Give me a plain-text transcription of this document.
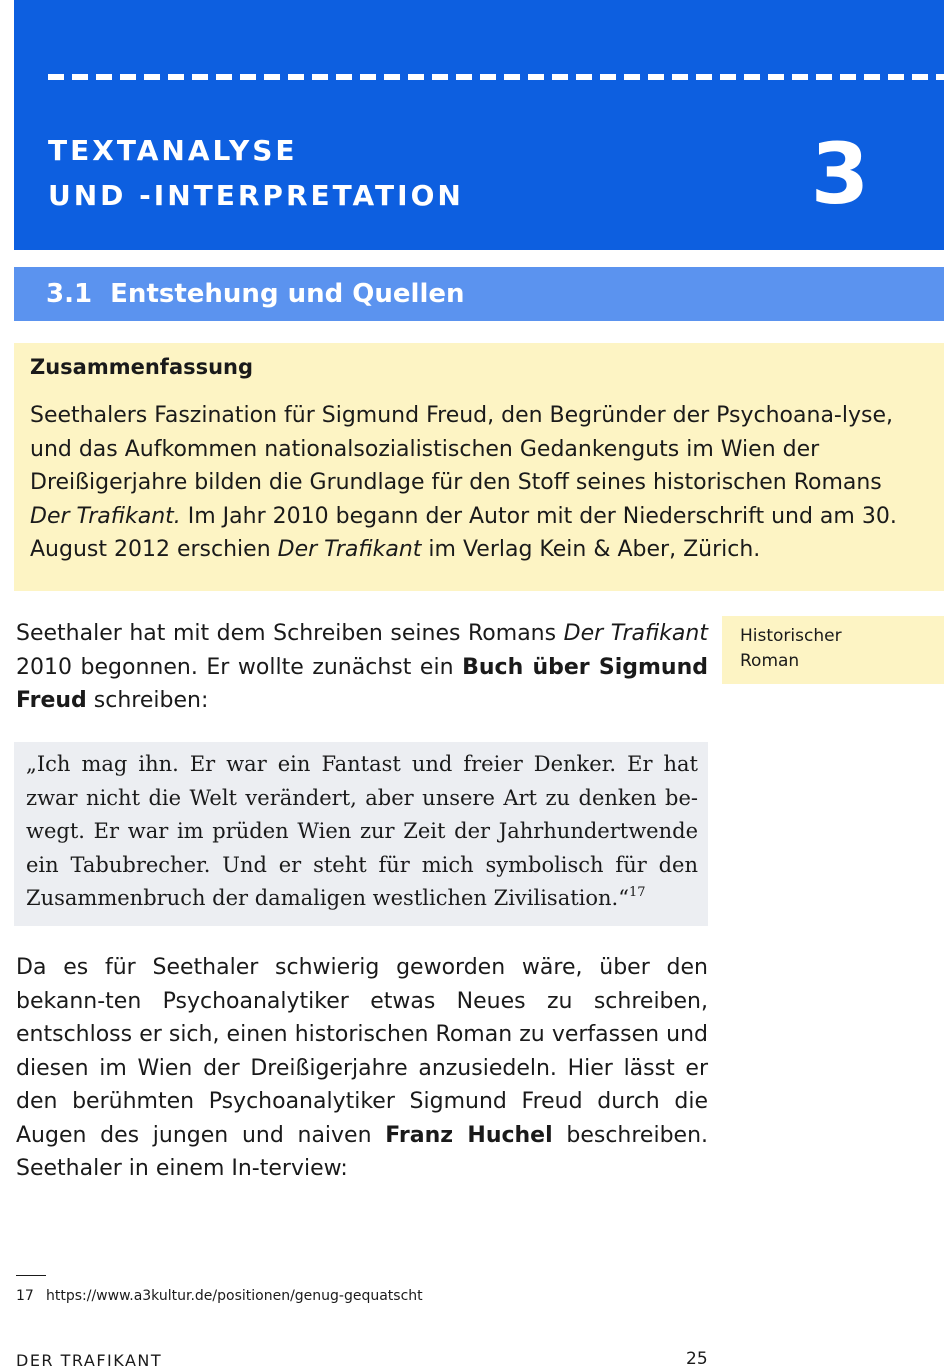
TEXTANALYSE
UND -INTERPRETATION	3
3.1 Entstehung und Quellen
Zusammenfassung
Seethalers Faszination für Sigmund Freud, den Begründer der Psychoana-lyse, und das Aufkommen nationalsozialistischen Gedankenguts im Wien der Dreißigerjahre bilden die Grundlage für den Stoff seines historischen Romans Der Trafikant. Im Jahr 2010 begann der Autor mit der Niederschrift und am 30. August 2012 erschien Der Trafikant im Verlag Kein & Aber, Zürich.
Seethaler hat mit dem Schreiben seines Romans Der Trafikant 2010 begonnen. Er wollte zunächst ein Buch über Sigmund Freud schreiben:
Historischer
Roman
„Ich mag ihn. Er war ein Fantast und freier Denker. Er hat zwar nicht die Welt verändert, aber unsere Art zu denken be-wegt. Er war im prüden Wien zur Zeit der Jahrhundertwende ein Tabubrecher. Und er steht für mich symbolisch für den Zusammenbruch der damaligen westlichen Zivilisation.“$^{17}$
Da es für Seethaler schwierig geworden wäre, über den bekann-ten Psychoanalytiker etwas Neues zu schreiben, entschloss er sich, einen historischen Roman zu verfassen und diesen im Wien der Dreißigerjahre anzusiedeln. Hier lässt er den berühmten Psychoanalytiker Sigmund Freud durch die Augen des jungen und naiven Franz Huchel beschreiben. Seethaler in einem In-terview:
17 https://www.a3kultur.de/positionen/genug-gequatscht
DER TRAFIKANT	25
